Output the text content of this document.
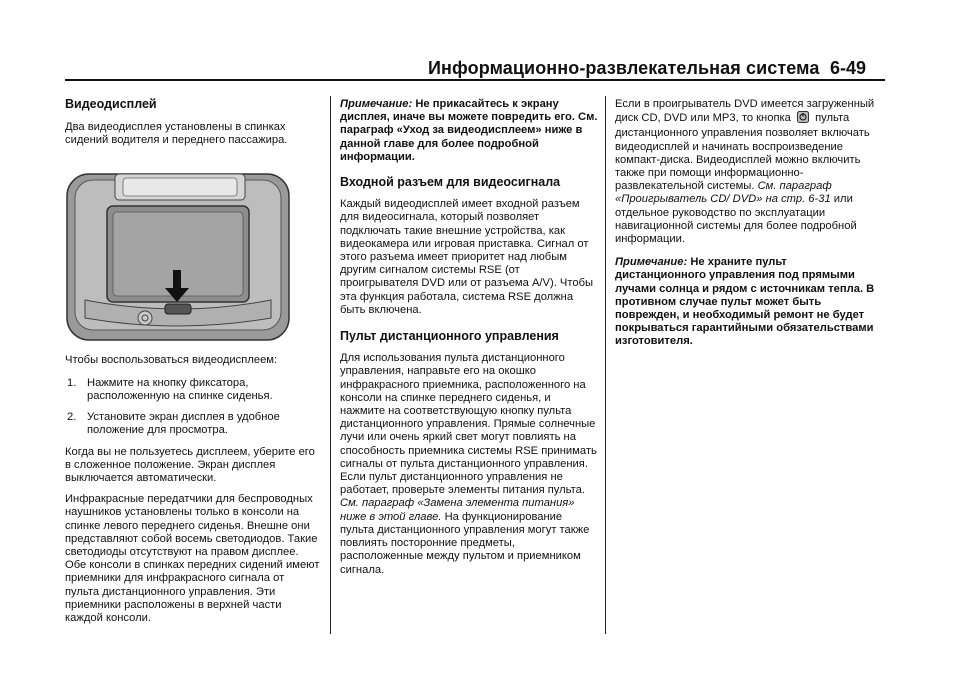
Информационно-развлекательная система 6-49
Видеодисплей

Два видеодисплея установлены в спинках сидений водителя и переднего пассажира.

Чтобы воспользоваться видеодисплеем:

1. Нажмите на кнопку фиксатора, расположенную на спинке сиденья.
2. Установите экран дисплея в удобное положение для просмотра.

Когда вы не пользуетесь дисплеем, уберите его в сложенное положение. Экран дисплея выключается автоматически.

Инфракрасные передатчики для беспроводных наушников установлены только в консоли на спинке левого переднего сиденья. Внешне они представляют собой восемь светодиодов. Такие светодиоды отсутствуют на правом дисплее. Обе консоли в спинках передних сидений имеют приемники для инфракрасного сигнала от пульта дистанционного управления. Эти приемники расположены в верхней части каждой консоли.

Примечание: Не прикасайтесь к экрану дисплея, иначе вы можете повредить его. См. параграф «Уход за видеодисплеем» ниже в данной главе для более подробной информации.

Входной разъем для видеосигнала

Каждый видеодисплей имеет входной разъем для видеосигнала, который позволяет подключать такие внешние устройства, как видеокамера или игровая приставка. Сигнал от этого разъема имеет приоритет над любым другим сигналом системы RSE (от проигрывателя DVD или от разъема A/V). Чтобы эта функция работала, система RSE должна быть включена.

Пульт дистанционного управления

Для использования пульта дистанционного управления, направьте его на окошко инфракрасного приемника, расположенного на консоли на спинке переднего сиденья, и нажмите на соответствующую кнопку пульта дистанционного управления. Прямые солнечные лучи или очень яркий свет могут повлиять на способность приемника системы RSE принимать сигналы от пульта дистанционного управления. Если пульт дистанционного управления не работает, проверьте элементы питания пульта. См. параграф «Замена элемента питания» ниже в этой главе. На функционирование пульта дистанционного управления могут также повлиять посторонние предметы, расположенные между пультом и приемником сигнала.

Если в проигрыватель DVD имеется загруженный диск CD, DVD или MP3, то кнопка пульта дистанционного управления позволяет включать видеодисплей и начинать воспроизведение компакт-диска. Видеодисплей можно включить также при помощи информационно-развлекательной системы. См. параграф «Проигрыватель CD/ DVD» на стр. 6-31 или отдельное руководство по эксплуатации навигационной системы для более подробной информации.

Примечание: Не храните пульт дистанционного управления под прямыми лучами солнца и рядом с источникам тепла. В противном случае пульт может быть поврежден, и необходимый ремонт не будет покрываться гарантийными обязательствами изготовителя.
